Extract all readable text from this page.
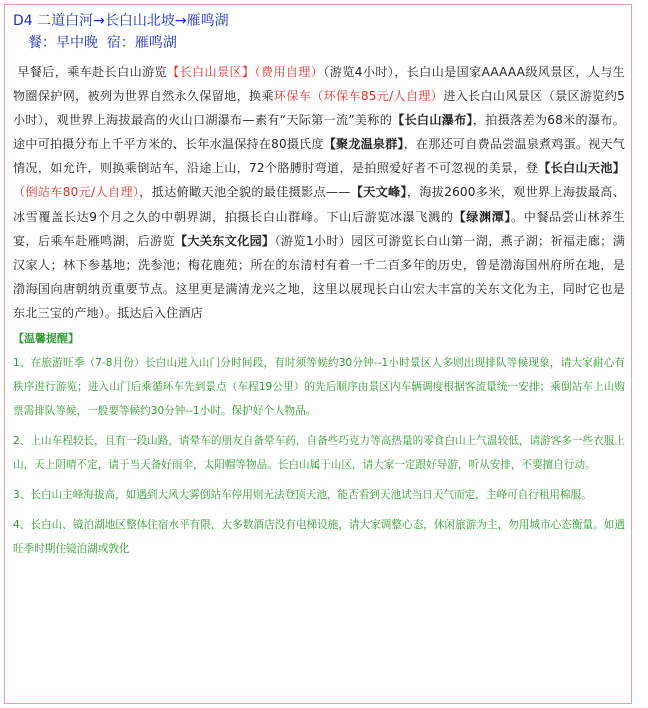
D4 二道白河→长白山北坡→雁鸣湖
餐：早中晚 宿：雁鸣湖
早餐后，乘车赴长白山游览【长白山景区】（费用自理）（游览4小时），长白山是国家AAAAA级风景区，人与生物圈保护网，被列为世界自然永久保留地，换乘环保车（环保车85元/人自理）进入长白山风景区（景区游览约5小时），观世界上海拔最高的火山口湖瀑布—素有“天际第一流”美称的【长白山瀑布】，拍摄落差为68米的瀑布。途中可拍摄分布上千平方米的、长年水温保持在80摄氏度【聚龙温泉群】，在那还可自费品尝温泉煮鸡蛋。视天气情况，如允许，则换乘倒站车，沿途上山，72个胳膊肘弯道，是拍照爱好者不可忽视的美景，登【长白山天池】（倒站车80元/人自理），抵达俯瞰天池全貌的最佳摄影点——【天文峰】，海拔2600多米，观世界上海拔最高、冰雪覆盖长达9个月之久的中朝界湖，拍摄长白山群峰。下山后游览冰瀑飞溅的【绿渊潭】。中餐品尝山林养生宴，后乘车赴雁鸣湖，后游览【大关东文化园】（游览1小时）园区可游览长白山第一湖，燕子湖；祈福走廊；满汉家人；林下参基地；洗参池；梅花鹿苑；所在的东清村有着一千二百多年的历史，曾是渤海国州府所在地，是渤海国向唐朝纳贡重要节点。这里更是满清龙兴之地，这里以展现长白山宏大丰富的关东文化为主，同时它也是东北三宝的产地）。抵达后入住酒店
【温馨提醒】
1、在旅游旺季（7-8月份）长白山进入山门分时间段，有时须等候约30分钟--1小时景区人多则出现排队等候现象，请大家耐心有秩序进行游览；进入山门后乘循环车先到景点（车程19公里）的先后顺序由景区内车辆调度根据客流量统一安排；乘倒站车上山购票需排队等候，一般要等候约30分钟--1小时。保护好个人物品。
2、上山车程较长，且有一段山路，请晕车的朋友自备晕车药，自备些巧克力等高热量的零食白山上气温较低，请游客多一些衣服上山，天上阴晴不定，请于当天备好雨伞，太阳帽等物品。长白山属于山区，请大家一定跟好导游，听从安排，不要擅自行动。
3、长白山主峰海拔高，如遇到大风大雾倒站车停用则无法登顶天池，能否看到天池试当日天气而定，主峰可自行租用棉服。
4、长白山、镜泊湖地区整体住宿水平有限，大多数酒店没有电梯设施，请大家调整心态，休闲旅游为主，勿用城市心态衡量。如遇旺季时期住镜泊湖或敦化
